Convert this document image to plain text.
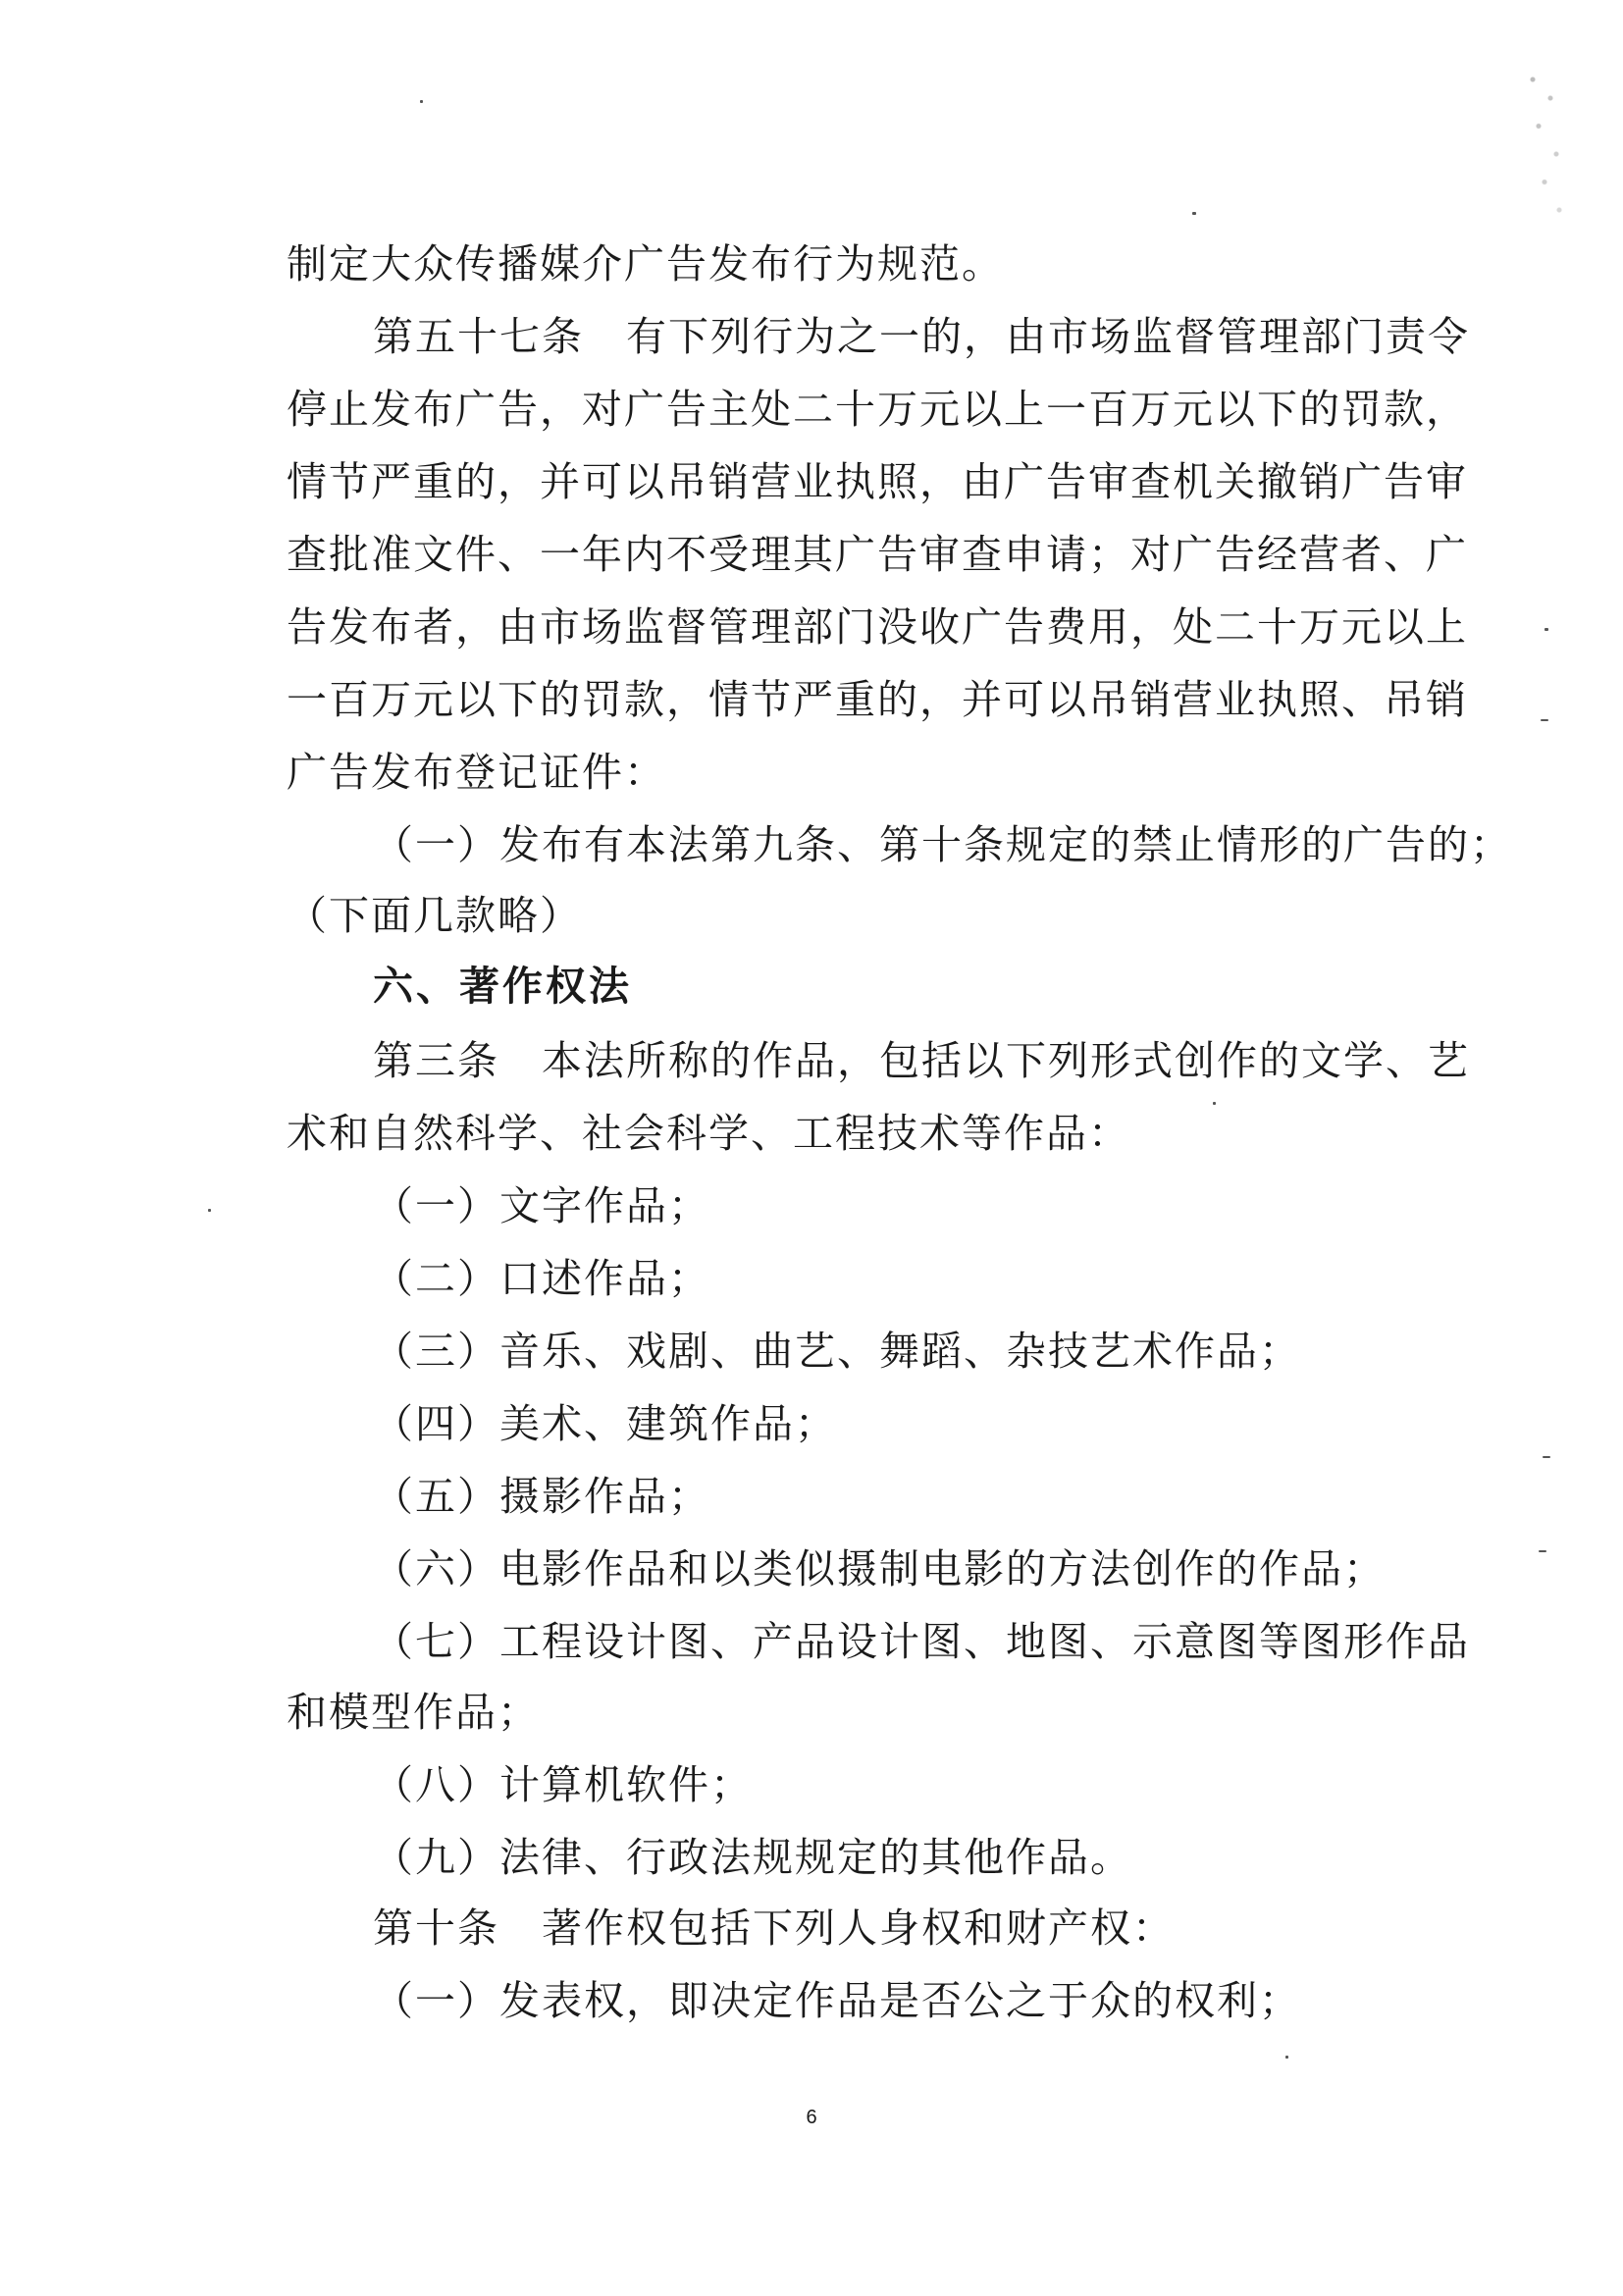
制定大众传播媒介广告发布行为规范。
第五十七条　有下列行为之一的，由市场监督管理部门责令
停止发布广告，对广告主处二十万元以上一百万元以下的罚款，
情节严重的，并可以吊销营业执照，由广告审查机关撤销广告审
查批准文件、一年内不受理其广告审查申请；对广告经营者、广
告发布者，由市场监督管理部门没收广告费用，处二十万元以上
一百万元以下的罚款，情节严重的，并可以吊销营业执照、吊销
广告发布登记证件：
（一）发布有本法第九条、第十条规定的禁止情形的广告的；
（下面几款略）
六、著作权法
第三条　本法所称的作品，包括以下列形式创作的文学、艺
术和自然科学、社会科学、工程技术等作品：
（一）文字作品；
（二）口述作品；
（三）音乐、戏剧、曲艺、舞蹈、杂技艺术作品；
（四）美术、建筑作品；
（五）摄影作品；
（六）电影作品和以类似摄制电影的方法创作的作品；
（七）工程设计图、产品设计图、地图、示意图等图形作品
和模型作品；
（八）计算机软件；
（九）法律、行政法规规定的其他作品。
第十条　著作权包括下列人身权和财产权：
（一）发表权，即决定作品是否公之于众的权利；
6
